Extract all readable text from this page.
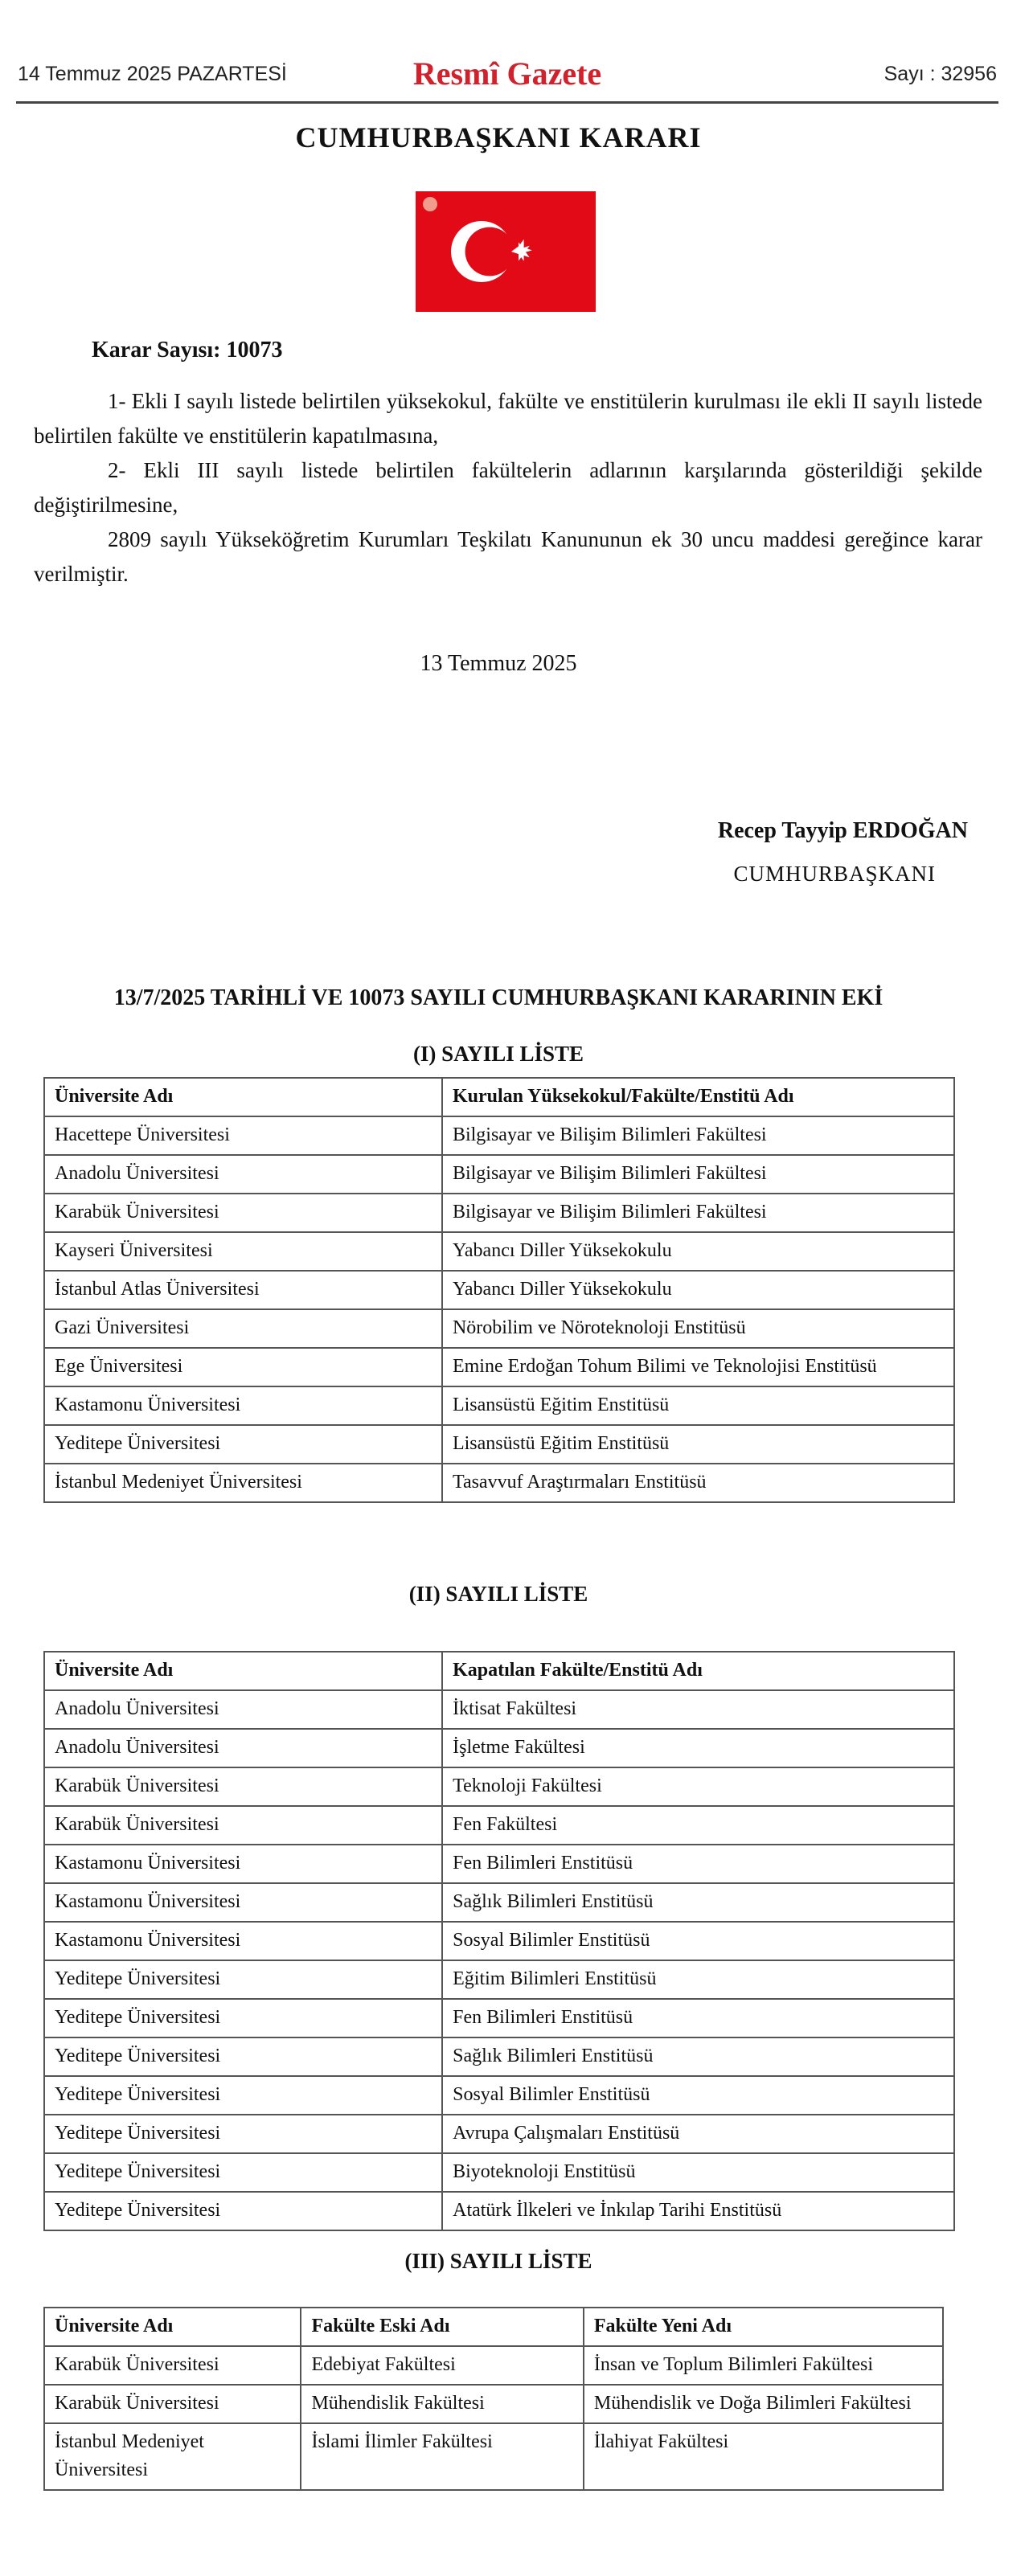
14 Temmuz 2025 PAZARTESİ	Resmî Gazete	Sayı : 32956
CUMHURBAŞKANI KARARI
Karar Sayısı: 10073

1- Ekli I sayılı listede belirtilen yüksekokul, fakülte ve enstitülerin kurulması ile ekli II sayılı listede belirtilen fakülte ve enstitülerin kapatılmasına,

2- Ekli III sayılı listede belirtilen fakültelerin adlarının karşılarında gösterildiği şekilde değiştirilmesine,

2809 sayılı Yükseköğretim Kurumları Teşkilatı Kanununun ek 30 uncu maddesi gereğince karar verilmiştir.

13 Temmuz 2025
Recep Tayyip ERDOĞAN
CUMHURBAŞKANI
13/7/2025 TARİHLİ VE 10073 SAYILI CUMHURBAŞKANI KARARININ EKİ
(I) SAYILI LİSTE
Üniversite Adı	Kurulan Yüksekokul/Fakülte/Enstitü Adı
Hacettepe Üniversitesi	Bilgisayar ve Bilişim Bilimleri Fakültesi
Anadolu Üniversitesi	Bilgisayar ve Bilişim Bilimleri Fakültesi
Karabük Üniversitesi	Bilgisayar ve Bilişim Bilimleri Fakültesi
Kayseri Üniversitesi	Yabancı Diller Yüksekokulu
İstanbul Atlas Üniversitesi	Yabancı Diller Yüksekokulu
Gazi Üniversitesi	Nörobilim ve Nöroteknoloji Enstitüsü
Ege Üniversitesi	Emine Erdoğan Tohum Bilimi ve Teknolojisi Enstitüsü
Kastamonu Üniversitesi	Lisansüstü Eğitim Enstitüsü
Yeditepe Üniversitesi	Lisansüstü Eğitim Enstitüsü
İstanbul Medeniyet Üniversitesi	Tasavvuf Araştırmaları Enstitüsü
(II) SAYILI LİSTE
Üniversite Adı	Kapatılan Fakülte/Enstitü Adı
Anadolu Üniversitesi	İktisat Fakültesi
Anadolu Üniversitesi	İşletme Fakültesi
Karabük Üniversitesi	Teknoloji Fakültesi
Karabük Üniversitesi	Fen Fakültesi
Kastamonu Üniversitesi	Fen Bilimleri Enstitüsü
Kastamonu Üniversitesi	Sağlık Bilimleri Enstitüsü
Kastamonu Üniversitesi	Sosyal Bilimler Enstitüsü
Yeditepe Üniversitesi	Eğitim Bilimleri Enstitüsü
Yeditepe Üniversitesi	Fen Bilimleri Enstitüsü
Yeditepe Üniversitesi	Sağlık Bilimleri Enstitüsü
Yeditepe Üniversitesi	Sosyal Bilimler Enstitüsü
Yeditepe Üniversitesi	Avrupa Çalışmaları Enstitüsü
Yeditepe Üniversitesi	Biyoteknoloji Enstitüsü
Yeditepe Üniversitesi	Atatürk İlkeleri ve İnkılap Tarihi Enstitüsü
(III) SAYILI LİSTE
Üniversite Adı	Fakülte Eski Adı	Fakülte Yeni Adı
Karabük Üniversitesi	Edebiyat Fakültesi	İnsan ve Toplum Bilimleri Fakültesi
Karabük Üniversitesi	Mühendislik Fakültesi	Mühendislik ve Doğa Bilimleri Fakültesi
İstanbul Medeniyet Üniversitesi	İslami İlimler Fakültesi	İlahiyat Fakültesi
